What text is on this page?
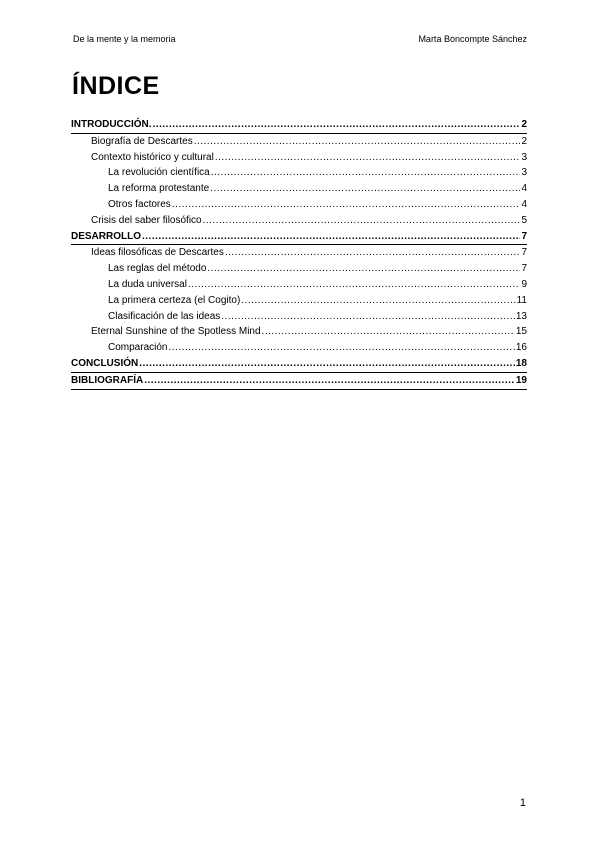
De la mente y la memoria	Marta Boncompte Sánchez
ÍNDICE
INTRODUCCIÓN. .....	2
Biografía de Descartes .....	2
Contexto histórico y cultural .....	3
La revolución científica .....	3
La reforma protestante .....	4
Otros factores .....	4
Crisis del saber filosófico .....	5
DESARROLLO .....	7
Ideas filosóficas de Descartes .....	7
Las reglas del método .....	7
La duda universal .....	9
La primera certeza (el Cogito) .....	11
Clasificación de las ideas .....	13
Eternal Sunshine of the Spotless Mind .....	15
Comparación .....	16
CONCLUSIÓN .....	18
BIBLIOGRAFÍA .....	19
1
